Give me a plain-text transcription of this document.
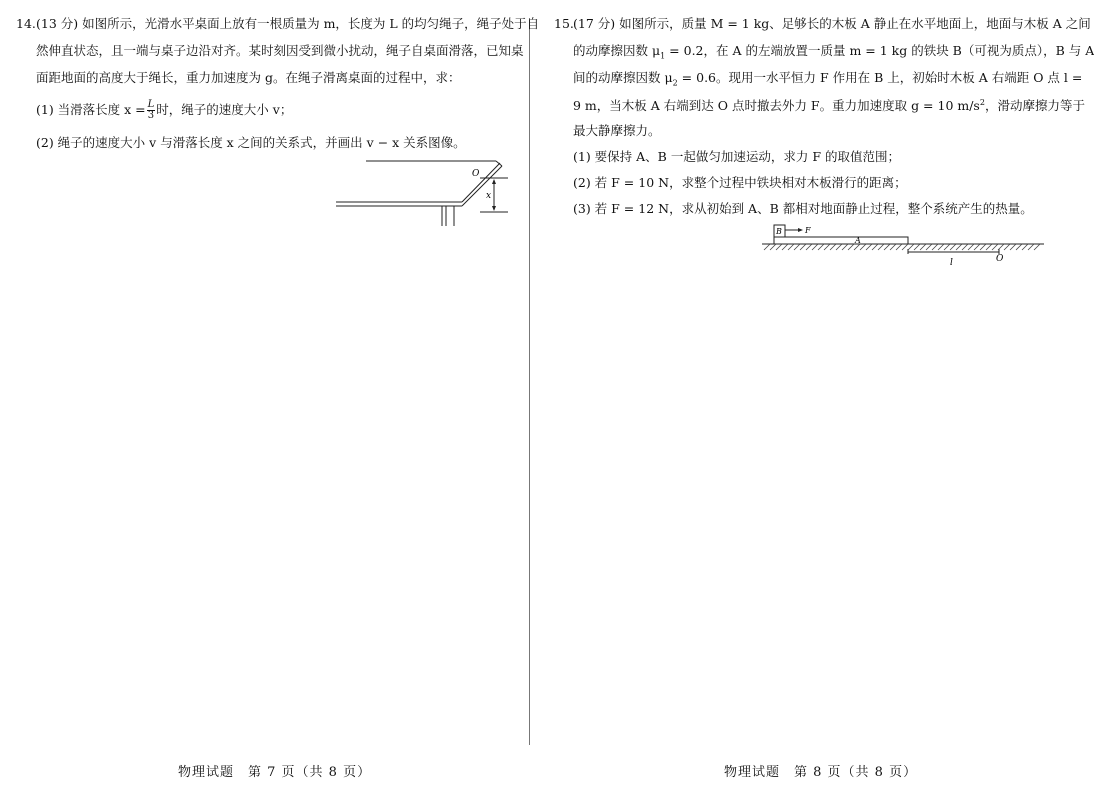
14. (13 分) 如图所示，光滑水平桌面上放有一根质量为 m，长度为 L 的均匀绳子，绳子处于自
然伸直状态，且一端与桌子边沿对齐。某时刻因受到微小扰动，绳子自桌面滑落，已知桌
面距地面的高度大于绳长，重力加速度为 g。在绳子滑离桌面的过程中，求：
(1) 当滑落长度 $x = \frac{L}{3}$ 时，绳子的速度大小 v；
(2) 绳子的速度大小 v 与滑落长度 x 之间的关系式，并画出 v − x 关系图像。
O
x
物理试题　第 7 页（共 8 页）
15. (17 分) 如图所示，质量 M = 1 kg、足够长的木板 A 静止在水平地面上，地面与木板 A 之间
的动摩擦因数 $\mu_1 = 0.2$，在 A 的左端放置一质量 m = 1 kg 的铁块 B（可视为质点），B 与 A
间的动摩擦因数 $\mu_2 = 0.6$。现用一水平恒力 F 作用在 B 上，初始时木板 A 右端距 O 点 l =
9 m，当木板 A 右端到达 O 点时撤去外力 F。重力加速度取 g = 10 $m/s^2$，滑动摩擦力等于
最大静摩擦力。
(1) 要保持 A、B 一起做匀加速运动，求力 F 的取值范围；
(2) 若 F = 10 N，求整个过程中铁块相对木板滑行的距离；
(3) 若 F = 12 N，求从初始到 A、B 都相对地面静止过程，整个系统产生的热量。
B	F
A
l	O
物理试题　第 8 页（共 8 页）
